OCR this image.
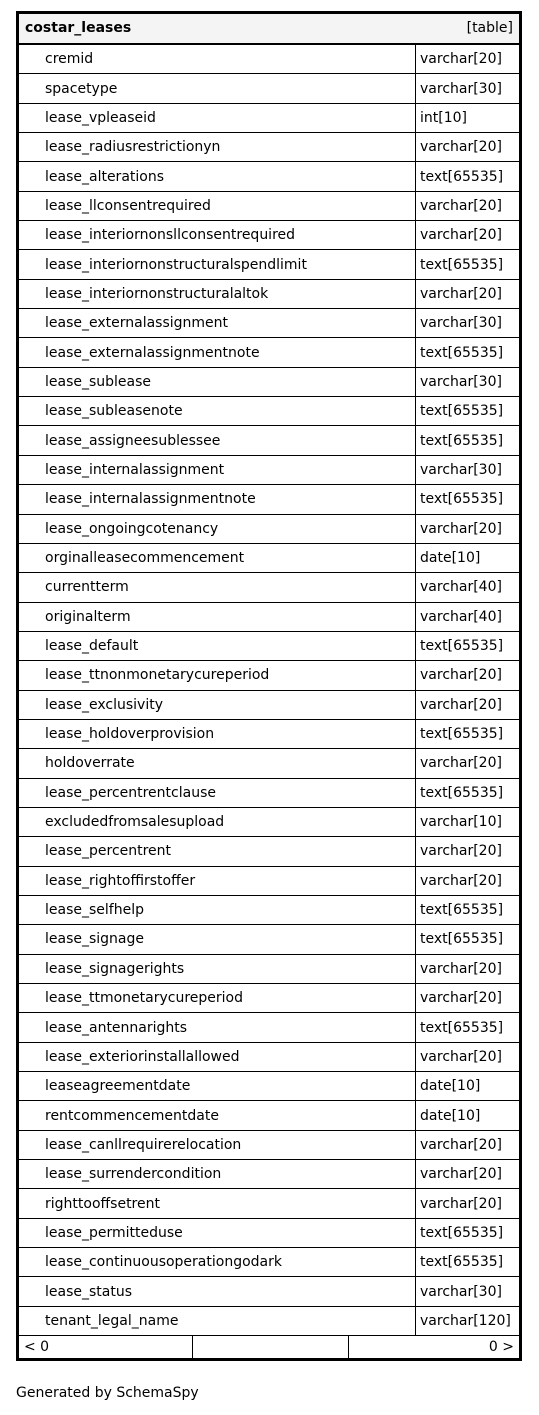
costar_leases	[table]
cremid	varchar[20]
spacetype	varchar[30]
lease_vpleaseid	int[10]
lease_radiusrestrictionyn	varchar[20]
lease_alterations	text[65535]
lease_llconsentrequired	varchar[20]
lease_interiornonsllconsentrequired	varchar[20]
lease_interiornonstructuralspendlimit	text[65535]
lease_interiornonstructuralaltok	varchar[20]
lease_externalassignment	varchar[30]
lease_externalassignmentnote	text[65535]
lease_sublease	varchar[30]
lease_subleasenote	text[65535]
lease_assigneesublessee	text[65535]
lease_internalassignment	varchar[30]
lease_internalassignmentnote	text[65535]
lease_ongoingcotenancy	varchar[20]
orginalleasecommencement	date[10]
currentterm	varchar[40]
originalterm	varchar[40]
lease_default	text[65535]
lease_ttnonmonetarycureperiod	varchar[20]
lease_exclusivity	varchar[20]
lease_holdoverprovision	text[65535]
holdoverrate	varchar[20]
lease_percentrentclause	text[65535]
excludedfromsalesupload	varchar[10]
lease_percentrent	varchar[20]
lease_rightoffirstoffer	varchar[20]
lease_selfhelp	text[65535]
lease_signage	text[65535]
lease_signagerights	varchar[20]
lease_ttmonetarycureperiod	varchar[20]
lease_antennarights	text[65535]
lease_exteriorinstallallowed	varchar[20]
leaseagreementdate	date[10]
rentcommencementdate	date[10]
lease_canllrequirerelocation	varchar[20]
lease_surrendercondition	varchar[20]
righttooffsetrent	varchar[20]
lease_permitteduse	text[65535]
lease_continuousoperationgodark	text[65535]
lease_status	varchar[30]
tenant_legal_name	varchar[120]
< 0	0 >
Generated by SchemaSpy
